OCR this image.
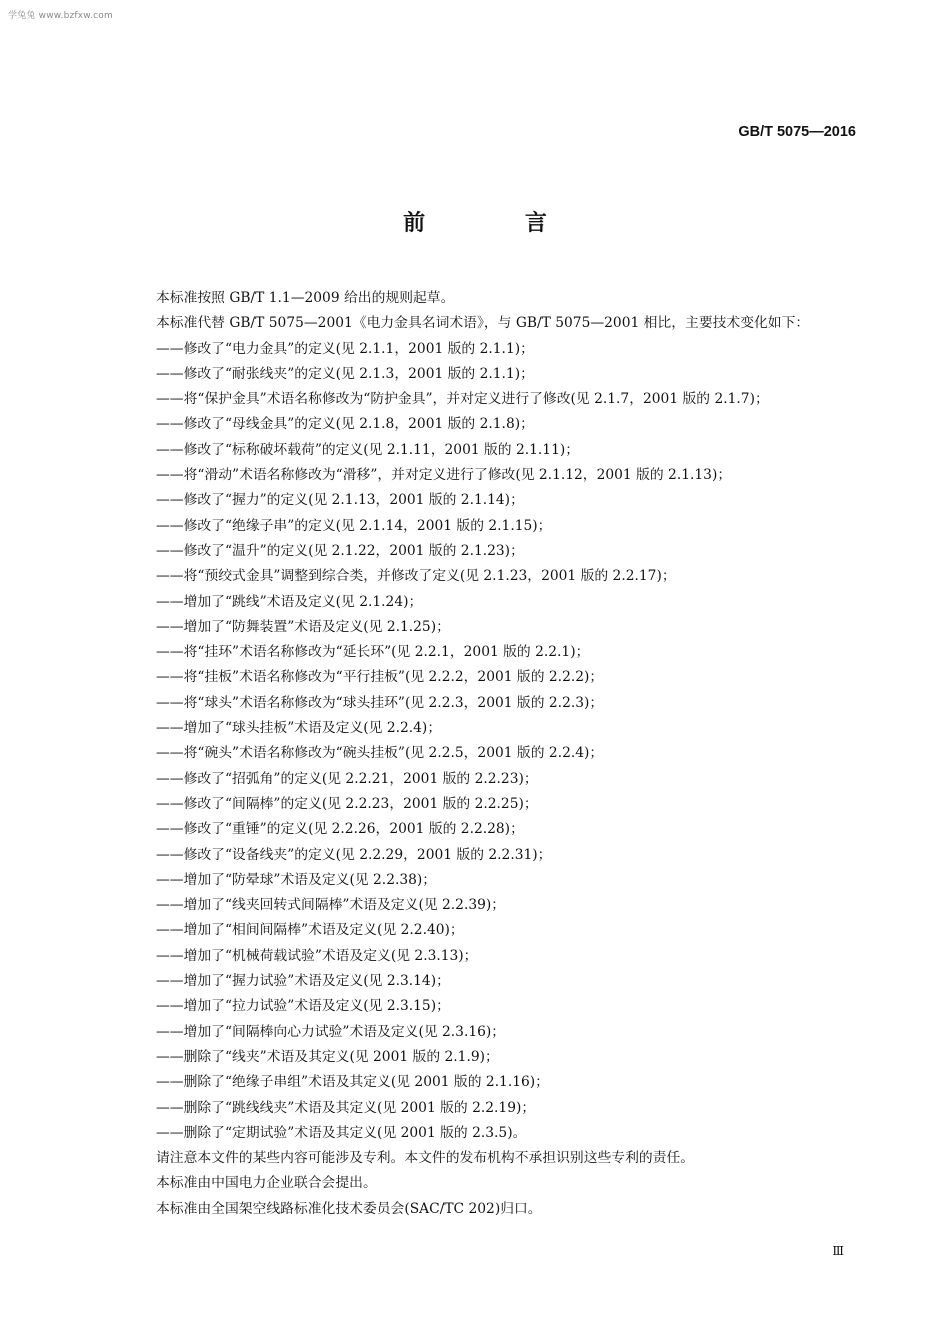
学兔兔 www.bzfxw.com
GB/T 5075—2016
前 言

本标准按照 GB/T 1.1—2009 给出的规则起草。

本标准代替 GB/T 5075—2001《电力金具名词术语》，与 GB/T 5075—2001 相比，主要技术变化如下：

——修改了“电力金具”的定义(见 2.1.1，2001 版的 2.1.1)；

——修改了“耐张线夹”的定义(见 2.1.3，2001 版的 2.1.1)；

——将“保护金具”术语名称修改为“防护金具”，并对定义进行了修改(见 2.1.7，2001 版的 2.1.7)；

——修改了“母线金具”的定义(见 2.1.8，2001 版的 2.1.8)；

——修改了“标称破坏载荷”的定义(见 2.1.11，2001 版的 2.1.11)；

——将“滑动”术语名称修改为“滑移”，并对定义进行了修改(见 2.1.12，2001 版的 2.1.13)；

——修改了“握力”的定义(见 2.1.13，2001 版的 2.1.14)；

——修改了“绝缘子串”的定义(见 2.1.14，2001 版的 2.1.15)；

——修改了“温升”的定义(见 2.1.22，2001 版的 2.1.23)；

——将“预绞式金具”调整到综合类，并修改了定义(见 2.1.23，2001 版的 2.2.17)；

——增加了“跳线”术语及定义(见 2.1.24)；

——增加了“防舞装置”术语及定义(见 2.1.25)；

——将“挂环”术语名称修改为“延长环”(见 2.2.1，2001 版的 2.2.1)；

——将“挂板”术语名称修改为“平行挂板”(见 2.2.2，2001 版的 2.2.2)；

——将“球头”术语名称修改为“球头挂环”(见 2.2.3，2001 版的 2.2.3)；

——增加了“球头挂板”术语及定义(见 2.2.4)；

——将“碗头”术语名称修改为“碗头挂板”(见 2.2.5，2001 版的 2.2.4)；

——修改了“招弧角”的定义(见 2.2.21，2001 版的 2.2.23)；

——修改了“间隔棒”的定义(见 2.2.23，2001 版的 2.2.25)；

——修改了“重锤”的定义(见 2.2.26，2001 版的 2.2.28)；

——修改了“设备线夹”的定义(见 2.2.29，2001 版的 2.2.31)；

——增加了“防晕球”术语及定义(见 2.2.38)；

——增加了“线夹回转式间隔棒”术语及定义(见 2.2.39)；

——增加了“相间间隔棒”术语及定义(见 2.2.40)；

——增加了“机械荷载试验”术语及定义(见 2.3.13)；

——增加了“握力试验”术语及定义(见 2.3.14)；

——增加了“拉力试验”术语及定义(见 2.3.15)；

——增加了“间隔棒向心力试验”术语及定义(见 2.3.16)；

——删除了“线夹”术语及其定义(见 2001 版的 2.1.9)；

——删除了“绝缘子串组”术语及其定义(见 2001 版的 2.1.16)；

——删除了“跳线线夹”术语及其定义(见 2001 版的 2.2.19)；

——删除了“定期试验”术语及其定义(见 2001 版的 2.3.5)。

请注意本文件的某些内容可能涉及专利。本文件的发布机构不承担识别这些专利的责任。

本标准由中国电力企业联合会提出。

本标准由全国架空线路标准化技术委员会(SAC/TC 202)归口。

Ⅲ
